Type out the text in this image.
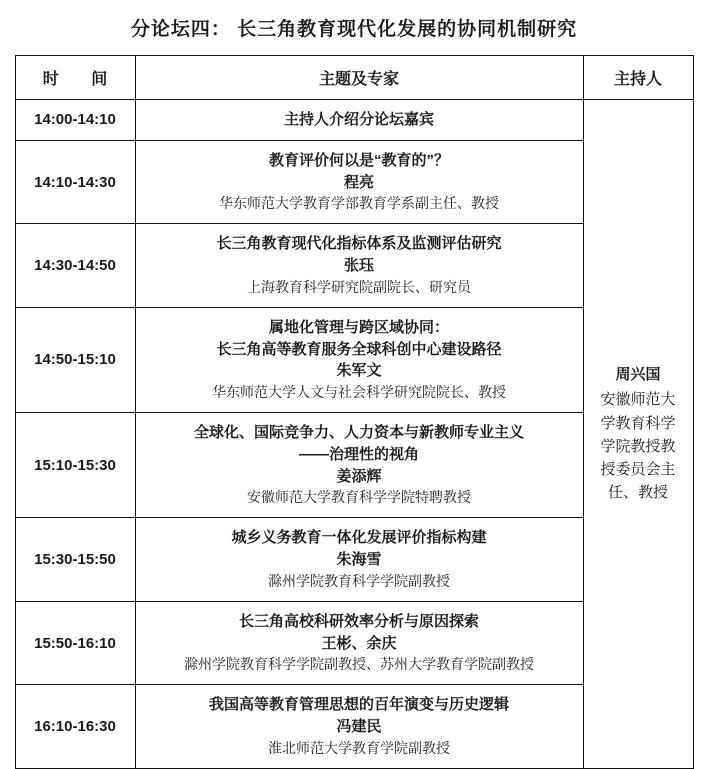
分论坛四： 长三角教育现代化发展的协同机制研究
时 间	主题及专家	主持人
14:00-14:10	主持人介绍分论坛嘉宾	周兴国
安徽师范大学教育科学学院教授教授委员会主任、教授

14:10-14:30	教育评价何以是“教育的”？
程亮
华东师范大学教育学部教育学系副主任、教授	

14:30-14:50	长三角教育现代化指标体系及监测评估研究
张珏
上海教育科学研究院副院长、研究员	

14:50-15:10	属地化管理与跨区域协同：
长三角高等教育服务全球科创中心建设路径
朱军文
华东师范大学人文与社会科学研究院院长、教授	

15:10-15:30	全球化、国际竞争力、人力资本与新教师专业主义
——治理性的视角
姜添辉
安徽师范大学教育科学学院特聘教授	

15:30-15:50	城乡义务教育一体化发展评价指标构建
朱海雪
滁州学院教育科学学院副教授	

15:50-16:10	长三角高校科研效率分析与原因探索
王彬、余庆
滁州学院教育科学学院副教授、苏州大学教育学院副教授	

16:10-16:30	我国高等教育管理思想的百年演变与历史逻辑
冯建民
淮北师范大学教育学院副教授	
